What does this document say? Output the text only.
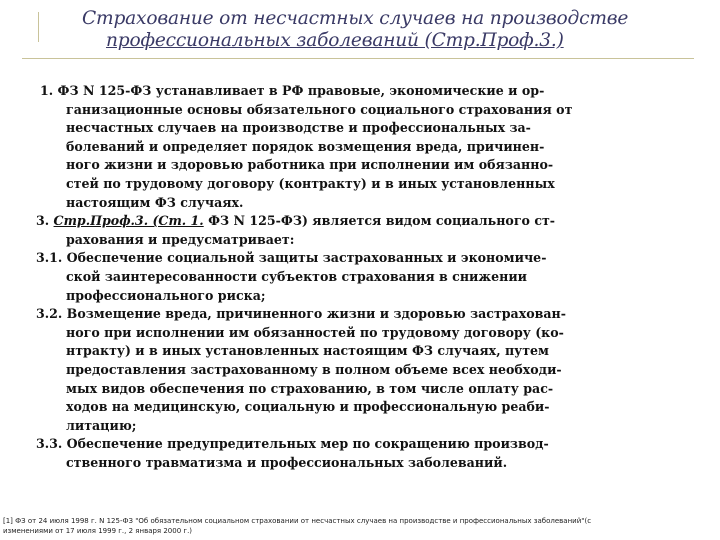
Страхование от несчастных случаев на производстве
профессиональных заболеваний (Стр.Проф.3.)
1. ФЗ N 125-ФЗ устанавливает в РФ правовые, экономические и ор-
ганизационные основы обязательного социального страхования от
несчастных случаев на производстве и профессиональных за-
болеваний и определяет порядок возмещения вреда, причинен-
ного жизни и здоровью работника при исполнении им обязанно-
стей по трудовому договору (контракту) и в иных установленных
настоящим ФЗ случаях.
3. Стр.Проф.3. (Ст. 1. ФЗ N 125-ФЗ) является видом социального ст-
рахования и предусматривает:
3.1. Обеспечение социальной защиты застрахованных и экономиче-
ской заинтересованности субъектов страхования в снижении
профессионального риска;
3.2. Возмещение вреда, причиненного жизни и здоровью застрахован-
ного при исполнении им обязанностей по трудовому договору (ко-
нтракту) и в иных установленных настоящим ФЗ случаях, путем
предоставления застрахованному в полном объеме всех необходи-
мых видов обеспечения по страхованию, в том числе оплату рас-
ходов на медицинскую, социальную и профессиональную реаби-
литацию;
3.3. Обеспечение предупредительных мер по сокращению производ-
ственного травматизма и профессиональных заболеваний.
[1] ФЗ от 24 июля 1998 г. N 125-ФЗ "Об обязательном социальном страховании от несчастных случаев на производстве и профессиональных заболеваний"(с
изменениями от 17 июля 1999 г., 2 января 2000 г.)
